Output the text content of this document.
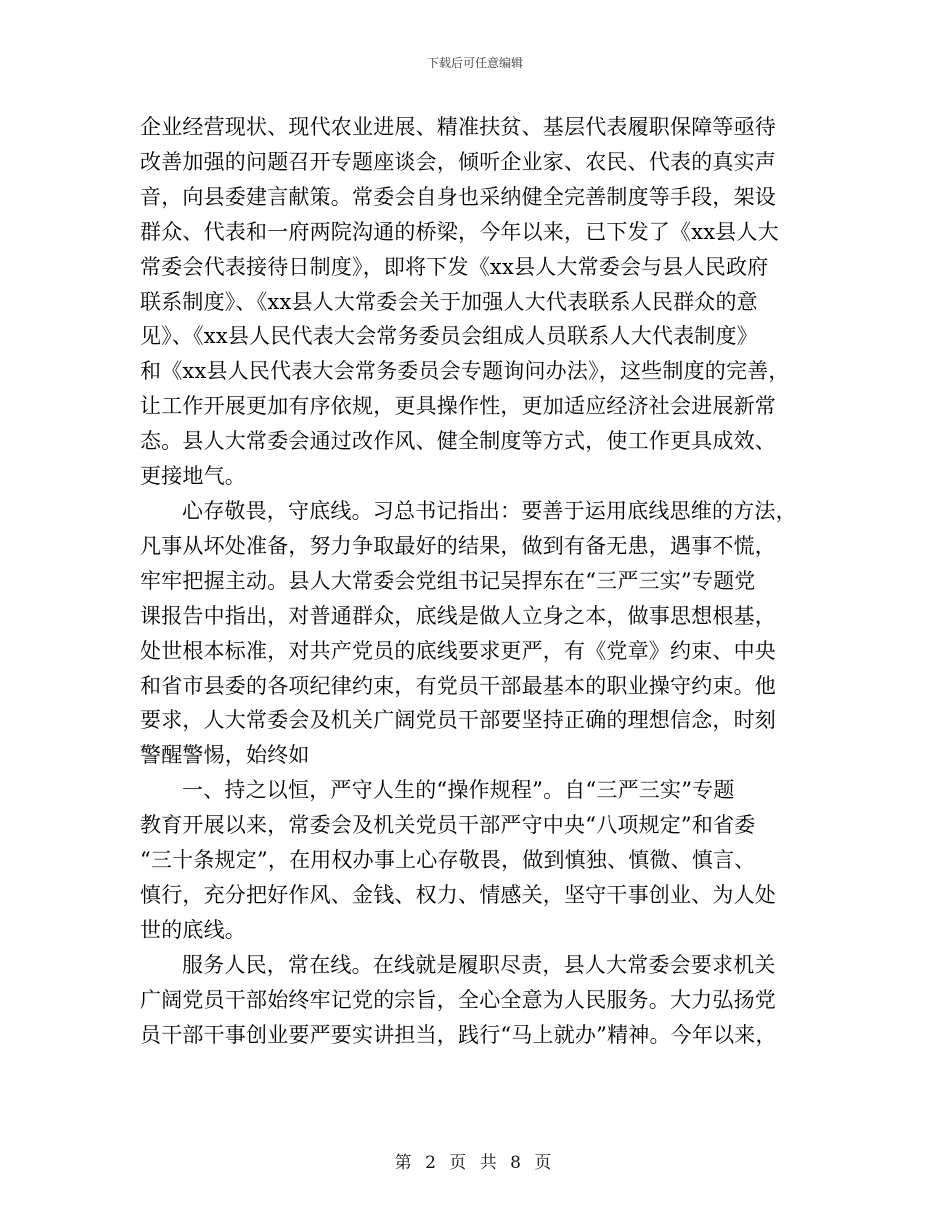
下载后可任意编辑

企业经营现状、现代农业进展、精准扶贫、基层代表履职保障等亟待
改善加强的问题召开专题座谈会，倾听企业家、农民、代表的真实声
音，向县委建言献策。常委会自身也采纳健全完善制度等手段，架设
群众、代表和一府两院沟通的桥梁，今年以来，已下发了《xx县人大
常委会代表接待日制度》，即将下发《xx县人大常委会与县人民政府
联系制度》、《xx县人大常委会关于加强人大代表联系人民群众的意
见》、《xx县人民代表大会常务委员会组成人员联系人大代表制度》
和《xx县人民代表大会常务委员会专题询问办法》，这些制度的完善，
让工作开展更加有序依规，更具操作性，更加适应经济社会进展新常
态。县人大常委会通过改作风、健全制度等方式，使工作更具成效、
更接地气。

心存敬畏，守底线。习总书记指出：要善于运用底线思维的方法，
凡事从坏处准备，努力争取最好的结果，做到有备无患，遇事不慌，
牢牢把握主动。县人大常委会党组书记吴捍东在“三严三实”专题党
课报告中指出，对普通群众，底线是做人立身之本，做事思想根基，
处世根本标准，对共产党员的底线要求更严，有《党章》约束、中央
和省市县委的各项纪律约束，有党员干部最基本的职业操守约束。他
要求，人大常委会及机关广阔党员干部要坚持正确的理想信念，时刻
警醒警惕，始终如

一、持之以恒，严守人生的“操作规程”。自“三严三实”专题
教育开展以来，常委会及机关党员干部严守中央“八项规定”和省委
“三十条规定”，在用权办事上心存敬畏，做到慎独、慎微、慎言、
慎行，充分把好作风、金钱、权力、情感关，坚守干事创业、为人处
世的底线。

服务人民，常在线。在线就是履职尽责，县人大常委会要求机关
广阔党员干部始终牢记党的宗旨，全心全意为人民服务。大力弘扬党
员干部干事创业要严要实讲担当，践行“马上就办”精神。今年以来，

第 2 页 共 8 页
